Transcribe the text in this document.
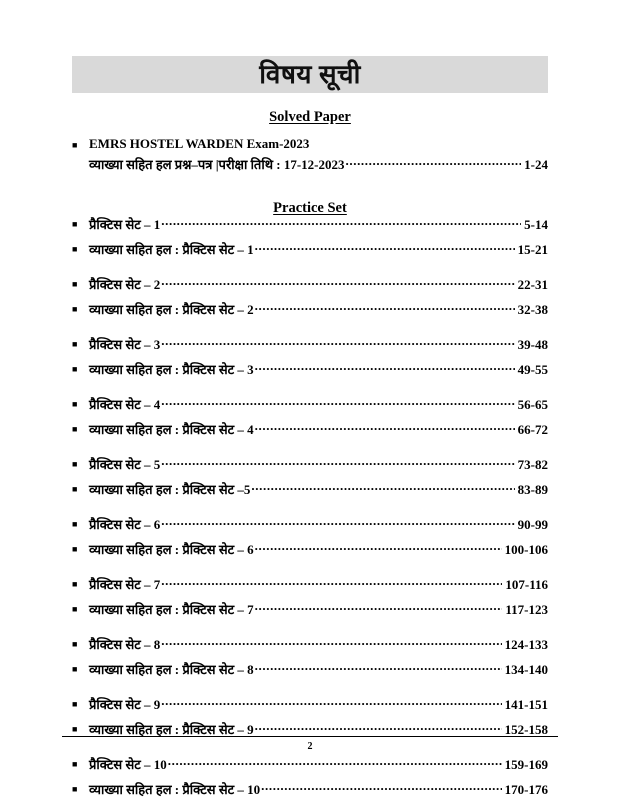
विषय सूची
Solved Paper
■ EMRS HOSTEL WARDEN Exam-2023
व्याख्या सहित हल प्रश्न–पत्र |परीक्षा तिथि : 17-12-2023 .....	1-24
Practice Set
■ प्रैक्टिस सेट – 1 .....	5-14
■ व्याख्या सहित हल : प्रैक्टिस सेट – 1 .....	15-21
■ प्रैक्टिस सेट – 2 .....	22-31
■ व्याख्या सहित हल : प्रैक्टिस सेट – 2 .....	32-38
■ प्रैक्टिस सेट – 3 .....	39-48
■ व्याख्या सहित हल : प्रैक्टिस सेट – 3 .....	49-55
■ प्रैक्टिस सेट – 4 .....	56-65
■ व्याख्या सहित हल : प्रैक्टिस सेट – 4 .....	66-72
■ प्रैक्टिस सेट – 5 .....	73-82
■ व्याख्या सहित हल : प्रैक्टिस सेट –5 .....	83-89
■ प्रैक्टिस सेट – 6 .....	90-99
■ व्याख्या सहित हल : प्रैक्टिस सेट – 6 .....	100-106
■ प्रैक्टिस सेट – 7 .....	107-116
■ व्याख्या सहित हल : प्रैक्टिस सेट – 7 .....	117-123
■ प्रैक्टिस सेट – 8 .....	124-133
■ व्याख्या सहित हल : प्रैक्टिस सेट – 8 .....	134-140
■ प्रैक्टिस सेट – 9 .....	141-151
■ व्याख्या सहित हल : प्रैक्टिस सेट – 9 .....	152-158
■ प्रैक्टिस सेट – 10 .....	159-169
■ व्याख्या सहित हल : प्रैक्टिस सेट – 10 .....	170-176
2
